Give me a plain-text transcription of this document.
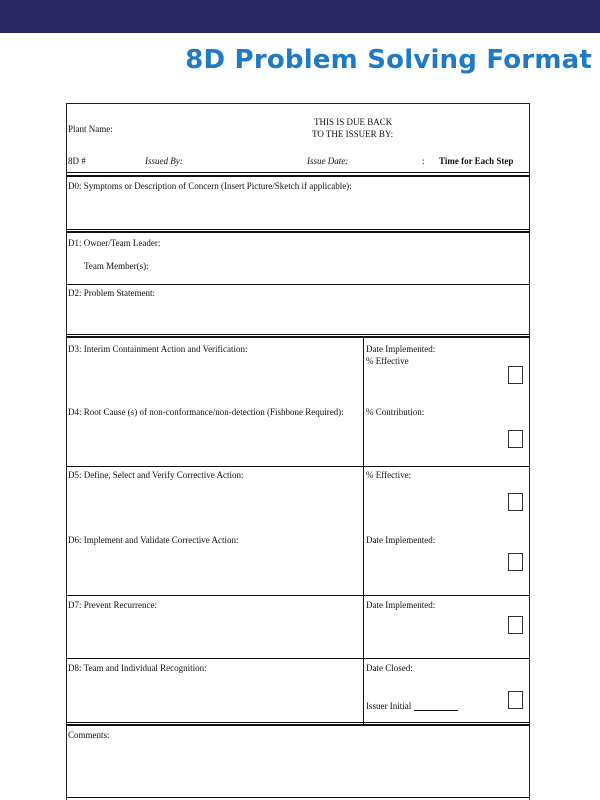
8D Problem Solving Format
Plant Name:
THIS IS DUE BACK
TO THE ISSUER BY:
8D #	Issued By:	Issue Date:	: Time for Each Step
D0: Symptoms or Description of Concern (Insert Picture/Sketch if applicable):
D1: Owner/Team Leader:
Team Member(s):
D2: Problem Statement:
D3: Interim Containment Action and Verification:	Date Implemented:
% Effective
D4: Root Cause (s) of non-conformance/non-detection (Fishbone Required): % Contribution:
D5: Define, Select and Verify Corrective Action:	% Effective:
D6: Implement and Validate Corrective Action:	Date Implemented:
D7: Prevent Recurrence:	Date Implemented:
D8: Team and Individual Recognition:	Date Closed:
Issuer Initial
Comments:
